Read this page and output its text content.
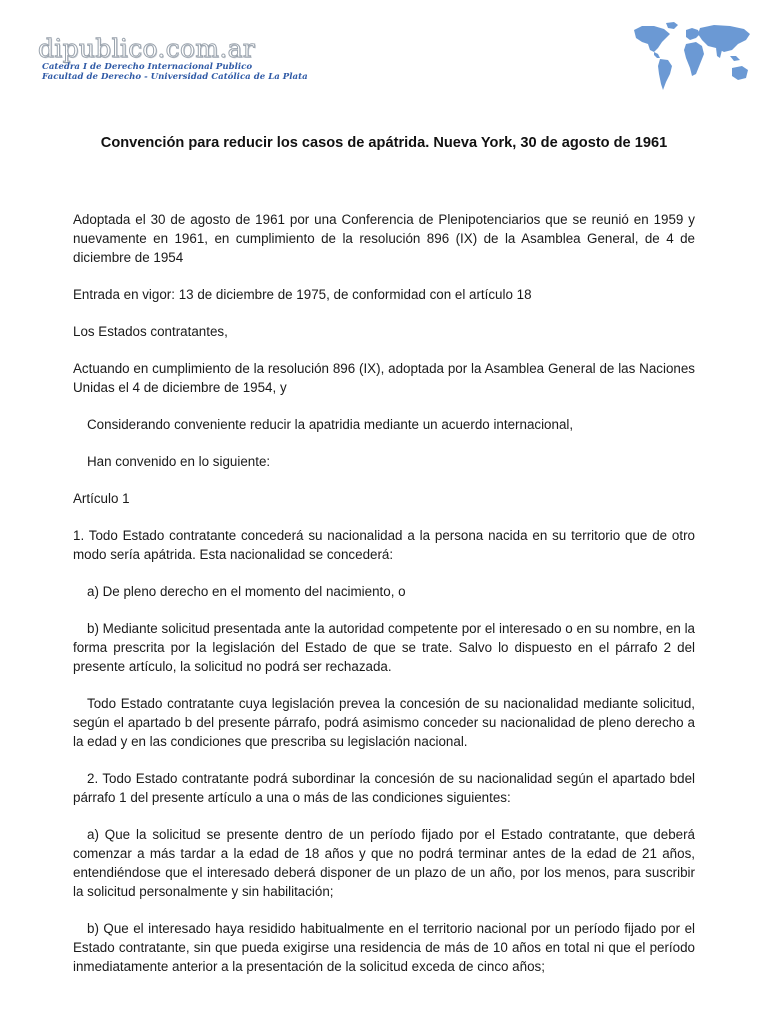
dipublico.com.ar
Catedra I de Derecho Internacional Publico
Facultad de Derecho - Universidad Católica de La Plata
Convención para reducir los casos de apátrida. Nueva York, 30 de agosto de 1961

Adoptada el 30 de agosto de 1961 por una Conferencia de Plenipotenciarios que se reunió en 1959 y nuevamente en 1961, en cumplimiento de la resolución 896 (IX) de la Asamblea General, de 4 de diciembre de 1954

Entrada en vigor: 13 de diciembre de 1975, de conformidad con el artículo 18

Los Estados contratantes,

Actuando en cumplimiento de la resolución 896 (IX), adoptada por la Asamblea General de las Naciones Unidas el 4 de diciembre de 1954, y

Considerando conveniente reducir la apatridia mediante un acuerdo internacional,

Han convenido en lo siguiente:

Artículo 1

1. Todo Estado contratante concederá su nacionalidad a la persona nacida en su territorio que de otro modo sería apátrida. Esta nacionalidad se concederá:

a) De pleno derecho en el momento del nacimiento, o

b) Mediante solicitud presentada ante la autoridad competente por el interesado o en su nombre, en la forma prescrita por la legislación del Estado de que se trate. Salvo lo dispuesto en el párrafo 2 del presente artículo, la solicitud no podrá ser rechazada.

Todo Estado contratante cuya legislación prevea la concesión de su nacionalidad mediante solicitud, según el apartado b del presente párrafo, podrá asimismo conceder su nacionalidad de pleno derecho a la edad y en las condiciones que prescriba su legislación nacional.

2. Todo Estado contratante podrá subordinar la concesión de su nacionalidad según el apartado bdel párrafo 1 del presente artículo a una o más de las condiciones siguientes:

a) Que la solicitud se presente dentro de un período fijado por el Estado contratante, que deberá comenzar a más tardar a la edad de 18 años y que no podrá terminar antes de la edad de 21 años, entendiéndose que el interesado deberá disponer de un plazo de un año, por los menos, para suscribir la solicitud personalmente y sin habilitación;

b) Que el interesado haya residido habitualmente en el territorio nacional por un período fijado por el Estado contratante, sin que pueda exigirse una residencia de más de 10 años en total ni que el período inmediatamente anterior a la presentación de la solicitud exceda de cinco años;
